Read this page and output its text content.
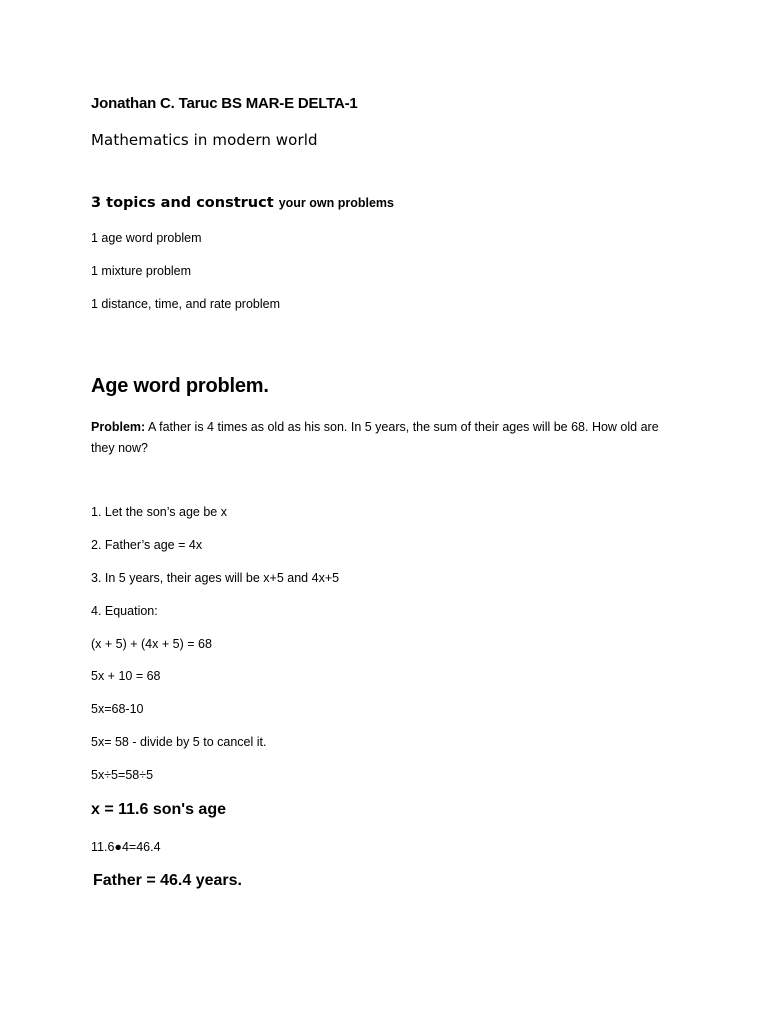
Jonathan C. Taruc BS MAR-E DELTA-1
Mathematics in modern world
3 topics and construct your own problems
1 age word problem
1 mixture problem
1 distance, time, and rate problem
Age word problem.
Problem: A father is 4 times as old as his son. In 5 years, the sum of their ages will be 68. How old are they now?
1. Let the son’s age be x
2. Father’s age = 4x
3. In 5 years, their ages will be x+5 and 4x+5
4. Equation:
(x + 5) + (4x + 5) = 68
5x + 10 = 68
5x=68-10
5x= 58 - divide by 5 to cancel it.
5x÷5=58÷5
x = 11.6 son's age
11.6●4=46.4
Father = 46.4 years.
